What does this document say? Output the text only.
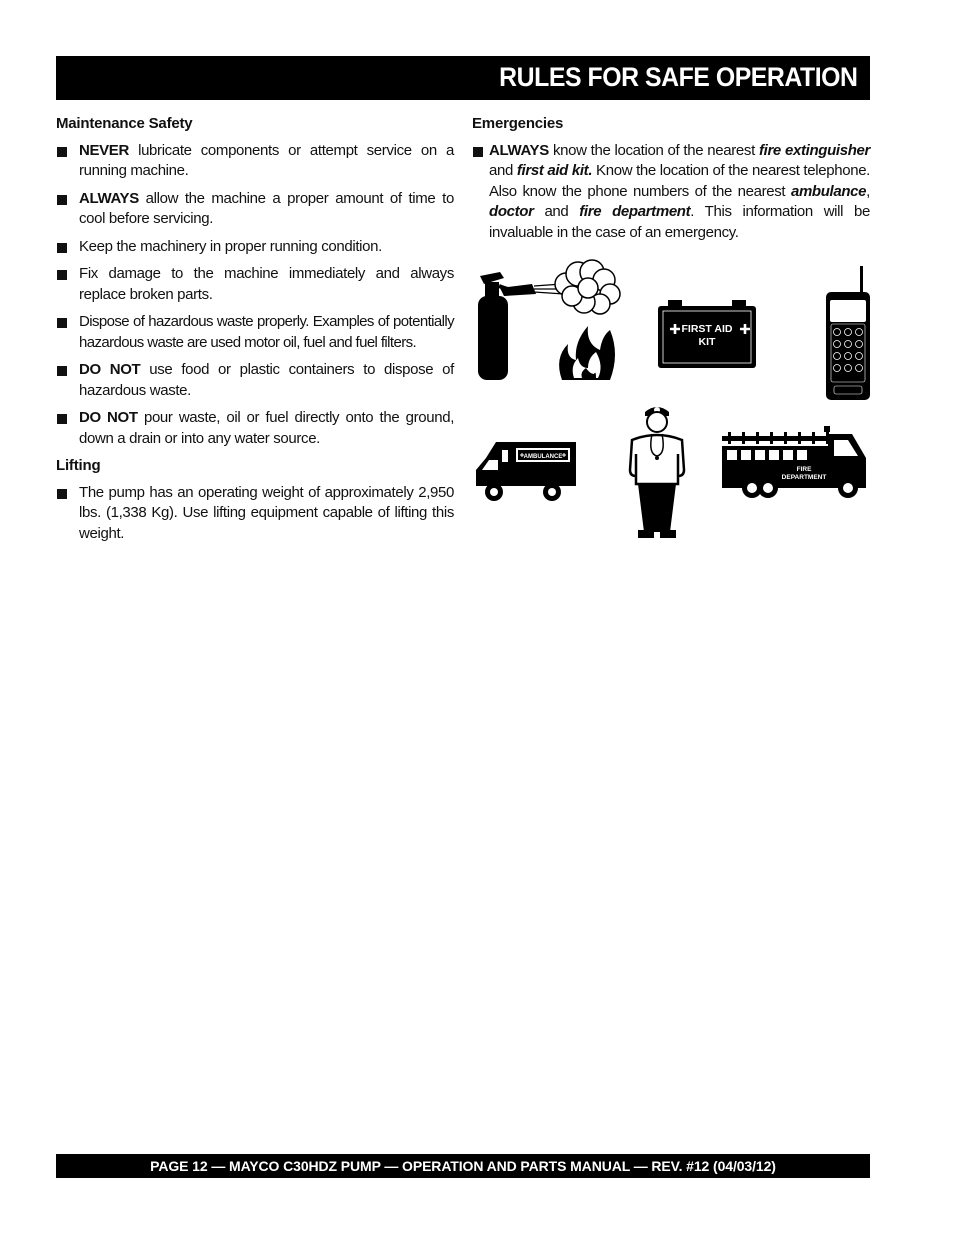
RULES FOR SAFE OPERATION

Maintenance Safety

NEVER lubricate components or attempt service on a running machine.

ALWAYS allow the machine a proper amount of time to cool before servicing.

Keep the machinery in proper running condition.

Fix damage to the machine immediately and always replace broken parts.

Dispose of hazardous waste properly. Examples of potentially hazardous waste are used motor oil, fuel and fuel filters.

DO NOT use food or plastic containers to dispose of hazardous waste.

DO NOT pour waste, oil or fuel directly onto the ground, down a drain or into any water source.

Lifting

The pump has an operating weight of approximately 2,950 lbs. (1,338 Kg). Use lifting equipment capable of lifting this weight.

Emergencies

ALWAYS know the location of the nearest fire extinguisher and first aid kit. Know the location of the nearest telephone. Also know the phone numbers of the nearest ambulance, doctor and fire department. This information will be invaluable in the case of an emergency.

FIRST AID
KIT
AMBULANCE
FIRE
DEPARTMENT
PAGE 12 — MAYCO C30HDZ PUMP — OPERATION AND PARTS MANUAL — REV. #12 (04/03/12)
